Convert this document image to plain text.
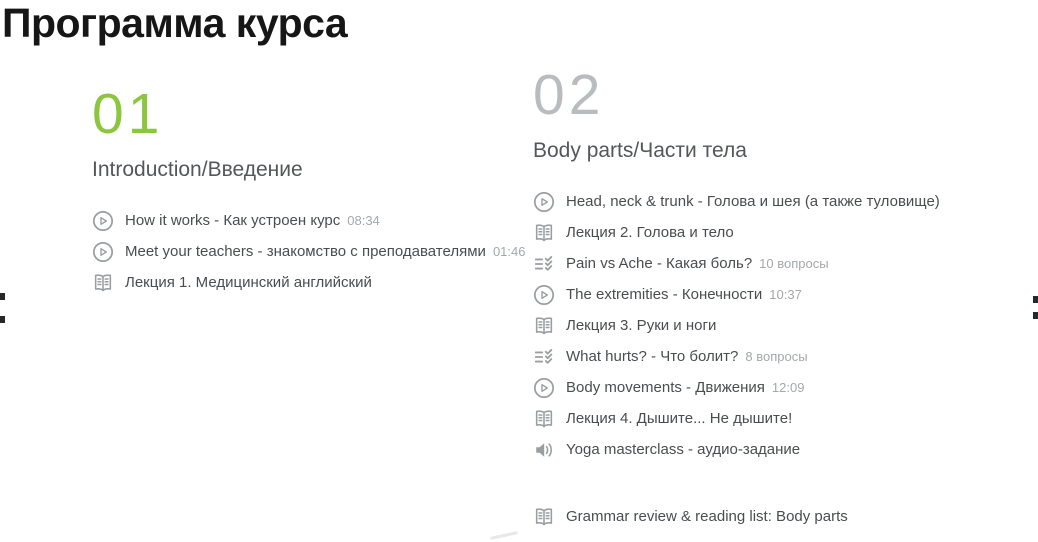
Программа курса
01
Introduction/Введение
How it works - Как устроен курс 08:34
Meet your teachers - знакомство с преподавателями 01:46
Лекция 1. Медицинский английский
02
Body parts/Части тела
Head, neck & trunk - Голова и шея (а также туловище)
Лекция 2. Голова и тело
Pain vs Ache - Какая боль? 10 вопросы
The extremities - Конечности 10:37
Лекция 3. Руки и ноги
What hurts? - Что болит? 8 вопросы
Body movements - Движения 12:09
Лекция 4. Дышите... Не дышите!
Yoga masterclass - аудио-задание
Grammar review & reading list: Body parts
